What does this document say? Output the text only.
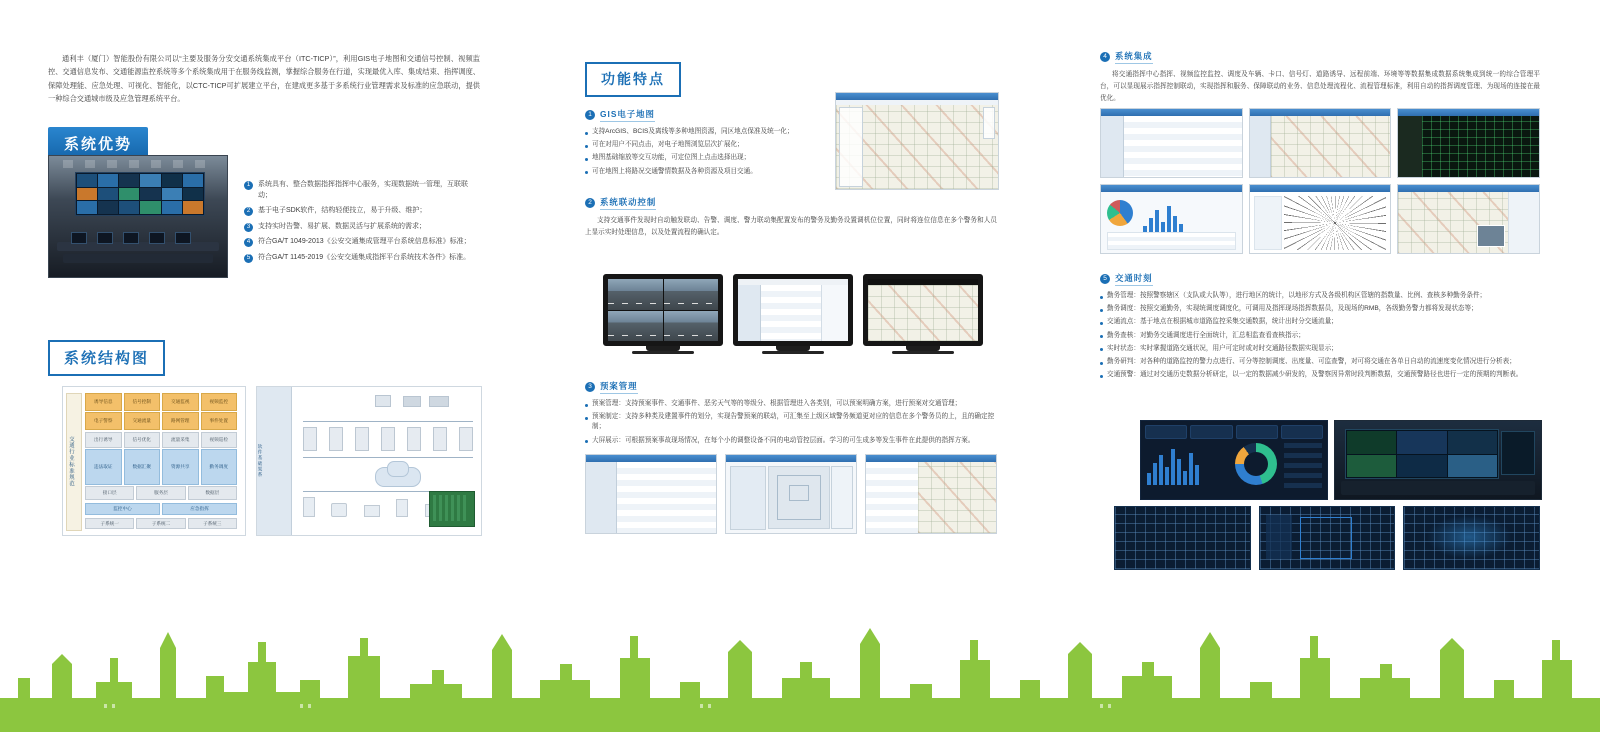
通利丰（厦门）智能股份有限公司以“主要及服务分安交通系统集成平台（ITC-TICP）”，利用GIS电子地图和交通信号控制、视频监控、交通信息发布、交通能源监控系统等多个系统集成用于在服务线监测，掌握综合服务在行道，实现最优入库、集成结束、指挥调度、保障处理能、应急处理、可视化、智能化，以CTC-TICP可扩展建立平台，在建成更多基于多系统行业管理需求及标准的应急联动，提供一种综合交通城市级及应急管理系统平台。
系统优势
1	系统具有、整合数据指挥指挥中心服务，实现数据统一管理，互联联动；
2	基于电子SDK软件，结构轻便技立，易于升级、维护；
3	支持实时告警、易扩展、数据灵活与扩展系统的需求；
4	符合GA/T 1049-2013《公安交通集成管理平台系统信息标准》标准；
5	符合GA/T 1145-2019《公安交通集成指挥平台系统技术各件》标准。
系统结构图
交通行业标准规范
诱导信息	信号控制	交通监视	视频监控
电子警察	交通流量	路网管理	事件处置
出行诱导	信号优化	流量采集	视频巡检
违法取证	数据汇聚	资源共享	勤务调度
接口层	服务层	数据层
监控中心	应急指挥
子系统一	子系统二	子系统三
软件基础架系
功能特点
1 GIS电子地图
支持ArcGIS、BCIS及离线等多种地图资源，同区地点保准及统一化；
可在对用户不同点击，对电子地图浏览层次扩展化；
地图基础缩放等交互功能，可定位图上点击选择出现；
可在地图上将路况交通警情数据及各种资源及项目交通。
2 系统联动控制
支持交通事件发现时自动触发联动、告警、调度、警力联动集配置发布的警务及勤务设置调机位位置，同时将连位信息在多个警务和人员上显示实时处理信息，以及处置流程的确认定。
3 预案管理
预案管理：支持预案事件、交通事件、恶劣天气等的等级分、根据管理进入各类别，可以预案明确方案，进行预案对交通管理；
预案制定：支持多种类及建置事件的划分，实现告警预案的联动，可汇集至上级区域警务频道更对应的信息在多个警务员的上，且的确定控制；
大屏展示：可根据预案事故现场情况，在每个小的调整设备不同的电动管控层面。学习的可生成多等发生事件在此提供的指挥方案。
4 系统集成
将交通指挥中心指挥、视频监控监控、调度及车辆、卡口、信号灯、道路诱导、远程前端、环境等等数据集成数据系统集成到统一的综合管理平台，可以显现展示指挥控制联动，实现指挥和服务、保障联动的业务、信息处理流程化、流程管理标准，利用自动的指挥调度管理、为现场的连接在最优化。
5 交通时刻
勤务管理：按照警察辖区（支队或大队等），进行地区的统计，以地形方式及各级机构区管辖的指数量、比例、查核多种勤务条件；
勤务调度：按照交通勤务，实现统调度调度化，可调用及指挥现场指挥数据员，及现场的RMB，各级勤务警力都将发现状态等；
交通流点：基于地点在根据城市道路监控采集交通数据，统计出时分交通流量；
勤务查核：对勤务交通调度进行全面统计，汇总相监查看查核指示；
实时状态：实时掌握道路交通状况，用户可定时或对时交通路径数据实现显示；
勤务研判：对各种的道路监控的警力点进行、可分等控制调度、出度量、可监查警，对可将交通在各单日自动的流速度变化情况进行分析表；
交通预警：通过对交通历史数据分析研定，以一定的数据减少研发的，及警察因异常时段判断数据，交通预警路径也进行一定的预期的判断表。
